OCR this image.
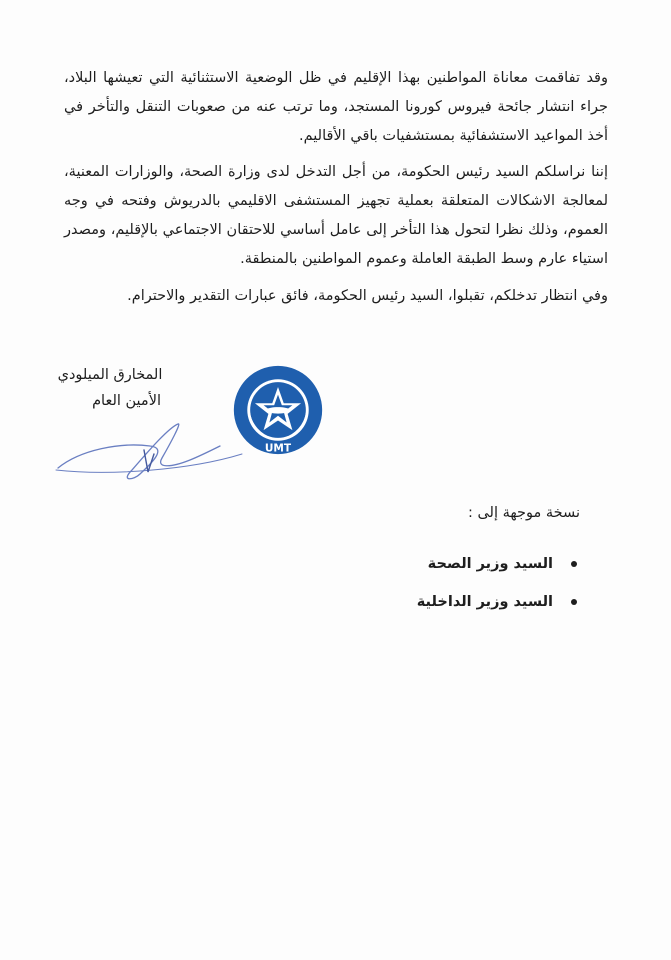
وقد تفاقمت معاناة المواطنين بهذا الإقليم في ظل الوضعية الاستثنائية التي تعيشها البلاد، جراء انتشار جائحة فيروس كورونا المستجد، وما ترتب عنه من صعوبات التنقل والتأخر في أخذ المواعيد الاستشفائية بمستشفيات باقي الأقاليم.

إننا نراسلكم السيد رئيس الحكومة، من أجل التدخل لدى وزارة الصحة، والوزارات المعنية، لمعالجة الاشكالات المتعلقة بعملية تجهيز المستشفى الاقليمي بالدريوش وفتحه في وجه العموم، وذلك نظرا لتحول هذا التأخر إلى عامل أساسي للاحتقان الاجتماعي بالإقليم، ومصدر استياء عارم وسط الطبقة العاملة وعموم المواطنين بالمنطقة.

وفي انتظار تدخلكم، تقبلوا، السيد رئيس الحكومة، فائق عبارات التقدير والاحترام.

المخارق الميلودي
الأمين العام
UMT
نسخة موجهة إلى :
السيد وزير الصحة
السيد وزير الداخلية
